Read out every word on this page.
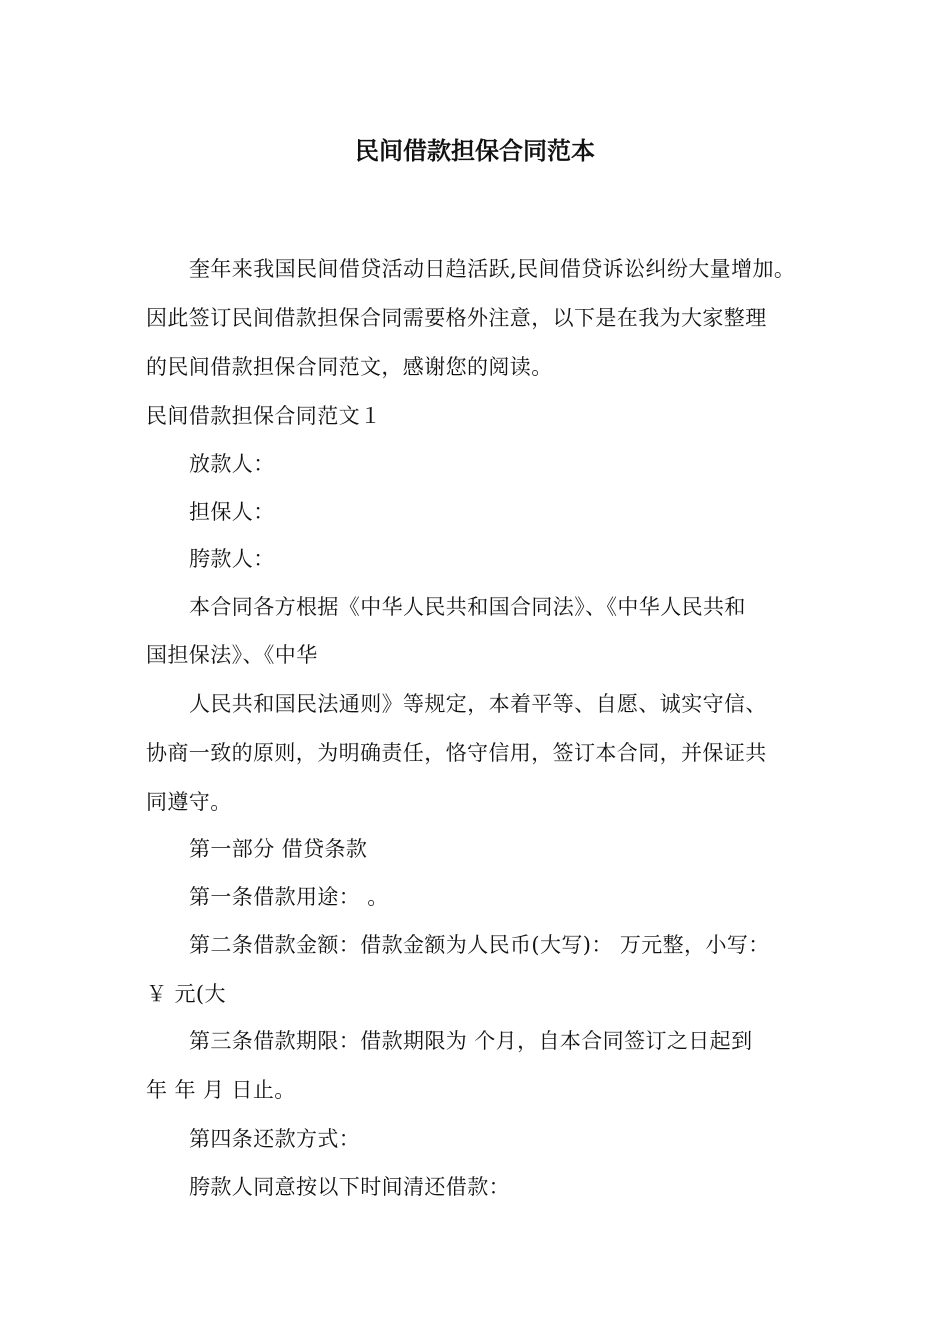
民间借款担保合同范本
奎年来我国民间借贷活动日趋活跃,民间借贷诉讼纠纷大量增加。
因此签订民间借款担保合同需要格外注意，以下是在我为大家整理
的民间借款担保合同范文，感谢您的阅读。
民间借款担保合同范文１
放款人：
担保人：
胯款人：
本合同各方根据《中华人民共和国合同法》、《中华人民共和
国担保法》、《中华
人民共和国民法通则》等规定，本着平等、自愿、诚实守信、
协商一致的原则，为明确责任，恪守信用，签订本合同，并保证共
同遵守。
第一部分 借贷条款
第一条借款用途： 。
第二条借款金额：借款金额为人民币(大写)： 万元整，小写：
￥ 元(大
第三条借款期限：借款期限为 个月，自本合同签订之日起到
年 年 月 日止。
第四条还款方式：
胯款人同意按以下时间清还借款：
